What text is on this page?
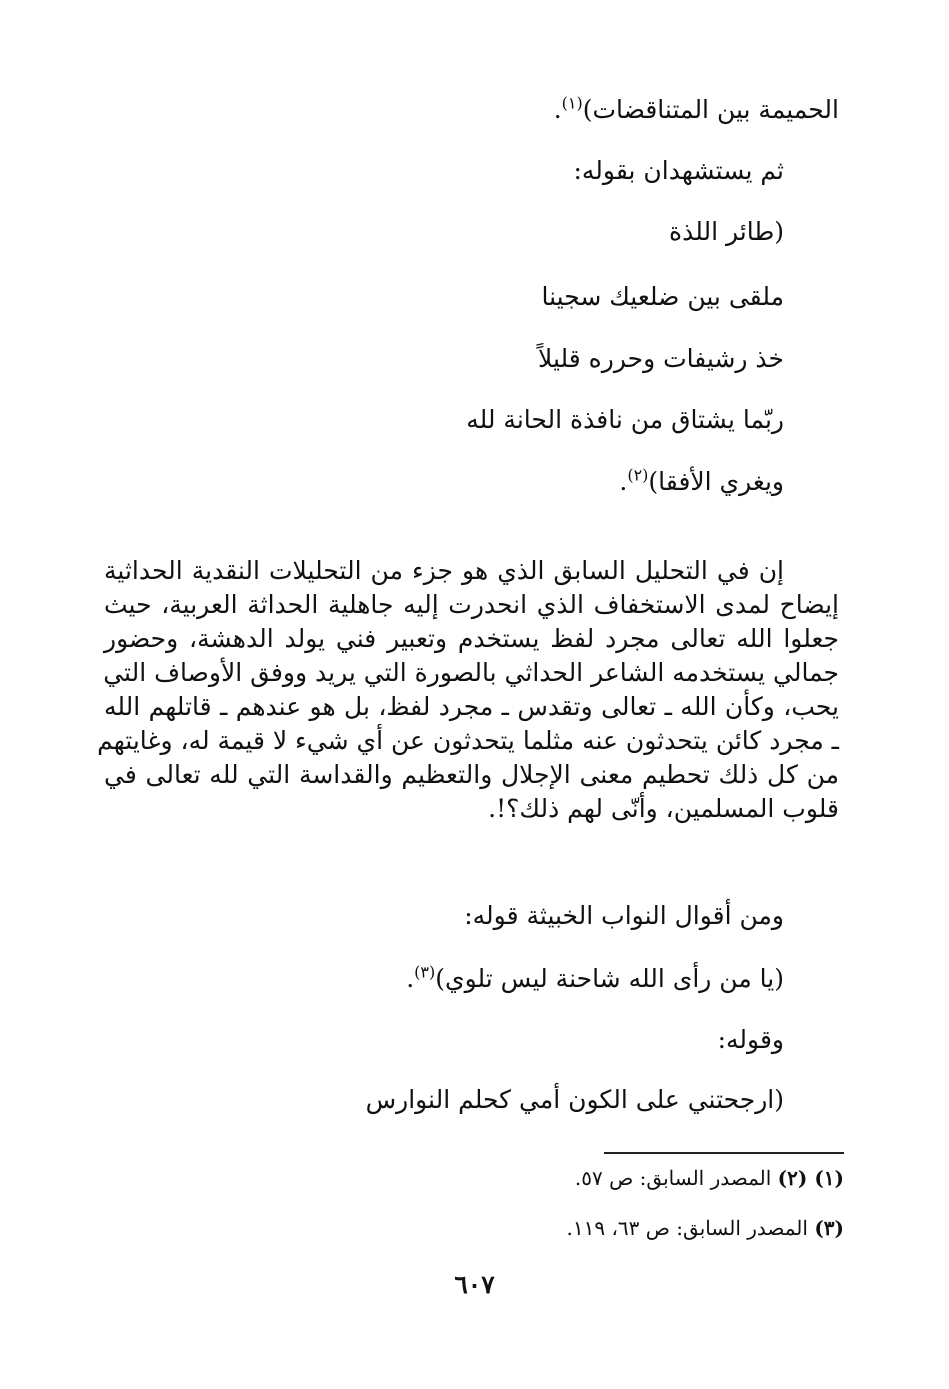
الحميمة بين المتناقضات)$^{(١)}$.
ثم يستشهدان بقوله:
(طائر اللذة
ملقى بين ضلعيك سجينا
خذ رشيفات وحرره قليلاً
ربّما يشتاق من نافذة الحانة لله
ويغري الأفقا)$^{(٢)}$.
إن في التحليل السابق الذي هو جزء من التحليلات النقدية الحداثية
إيضاح لمدى الاستخفاف الذي انحدرت إليه جاهلية الحداثة العربية، حيث
جعلوا الله تعالى مجرد لفظ يستخدم وتعبير فني يولد الدهشة، وحضور
جمالي يستخدمه الشاعر الحداثي بالصورة التي يريد ووفق الأوصاف التي
يحب، وكأن الله ـ تعالى وتقدس ـ مجرد لفظ، بل هو عندهم ـ قاتلهم الله
ـ مجرد كائن يتحدثون عنه مثلما يتحدثون عن أي شيء لا قيمة له، وغايتهم
من كل ذلك تحطيم معنى الإجلال والتعظيم والقداسة التي لله تعالى في
قلوب المسلمين، وأنّى لهم ذلك؟!.
ومن أقوال النواب الخبيثة قوله:
(يا من رأى الله شاحنة ليس تلوي)$^{(٣)}$.
وقوله:
(ارجحتني على الكون أمي كحلم النوارس
(١) (٢) المصدر السابق: ص ٥٧.
(٣) المصدر السابق: ص ٦٣، ١١٩.
٦٠٧
